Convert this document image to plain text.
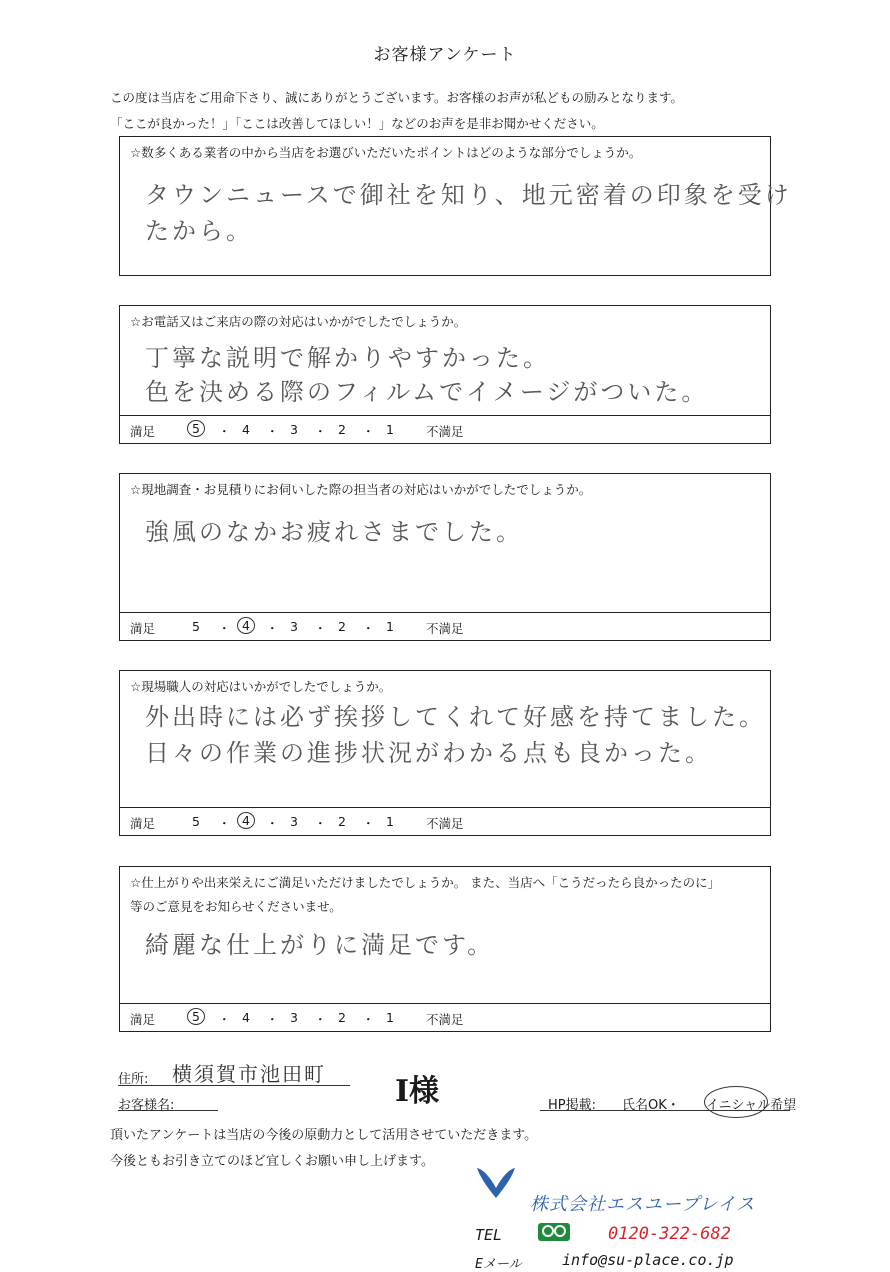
お客様アンケート
この度は当店をご用命下さり、誠にありがとうございます。お客様のお声が私どもの励みとなります。
「ここが良かった！」「ここは改善してほしい！」などのお声を是非お聞かせください。
☆数多くある業者の中から当店をお選びいただいたポイントはどのような部分でしょうか。
タウンニュースで御社を知り、地元密着の印象を受け
たから。
☆お電話又はご来店の際の対応はいかがでしたでしょうか。
丁寧な説明で解かりやすかった。
色を決める際のフィルムでイメージがついた。
満足	5	・ 4 ・ 3 ・ 2 ・ 1	不満足
☆現地調査・お見積りにお伺いした際の担当者の対応はいかがでしたでしょうか。
強風のなかお疲れさまでした。
満足	5 ・ 4	・ 3 ・ 2 ・ 1	不満足
☆現場職人の対応はいかがでしたでしょうか。
外出時には必ず挨拶してくれて好感を持てました。
日々の作業の進捗状況がわかる点も良かった。
満足	5 ・ 4	・ 3 ・ 2 ・ 1	不満足
☆仕上がりや出来栄えにご満足いただけましたでしょうか。 また、当店へ「こうだったら良かったのに」
等のご意見をお知らせくださいませ。
綺麗な仕上がりに満足です。
満足	5	・ 4 ・ 3 ・ 2 ・ 1	不満足
住所: 横須賀市池田町
お客様名:	I様	HP掲載: 氏名OK・ イニシャル希望
頂いたアンケートは当店の今後の原動力として活用させていただきます。
今後ともお引き立てのほど宜しくお願い申し上げます。
株式会社エスユープレイス
TEL	0120-322-682
Eメール	info@su-place.co.jp
